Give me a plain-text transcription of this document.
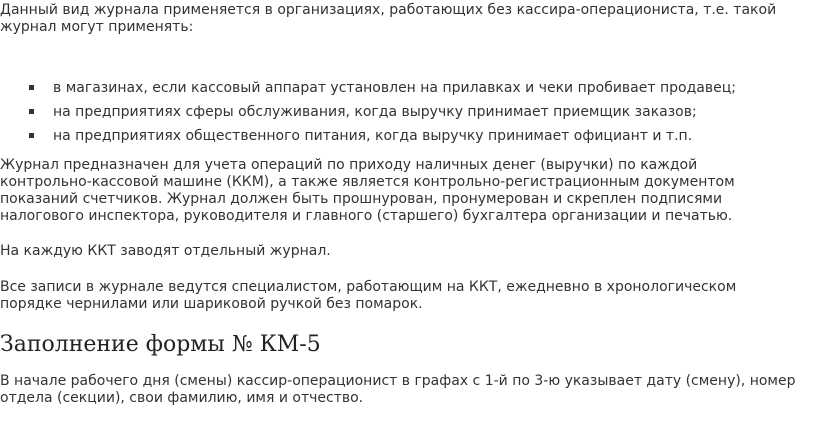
Данный вид журнала применяется в организациях, работающих без кассира-операциониста, т.е. такой журнал могут применять:

в магазинах, если кассовый аппарат установлен на прилавках и чеки пробивает продавец;
на предприятиях сферы обслуживания, когда выручку принимает приемщик заказов;
на предприятиях общественного питания, когда выручку принимает официант и т.п.

Журнал предназначен для учета операций по приходу наличных денег (выручки) по каждой контрольно-кассовой машине (ККМ), а также является контрольно-регистрационным документом показаний счетчиков. Журнал должен быть прошнурован, пронумерован и скреплен подписями налогового инспектора, руководителя и главного (старшего) бухгалтера организации и печатью.

На каждую ККТ заводят отдельный журнал.

Все записи в журнале ведутся специалистом, работающим на ККТ, ежедневно в хронологическом порядке чернилами или шариковой ручкой без помарок.

Заполнение формы № КМ-5

В начале рабочего дня (смены) кассир-операционист в графах с 1-й по 3-ю указывает дату (смену), номер отдела (секции), свои фамилию, имя и отчество.
